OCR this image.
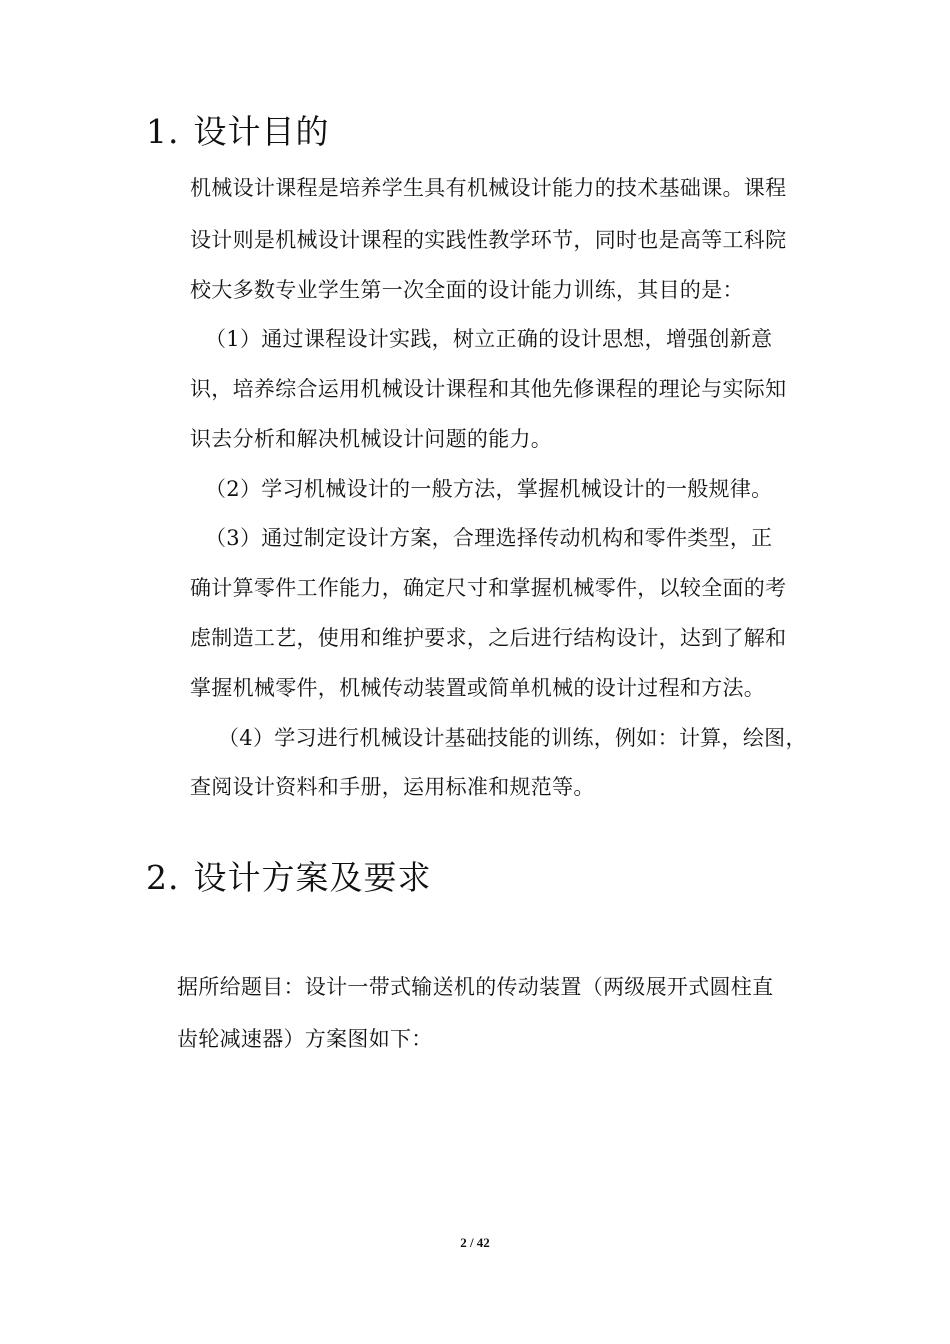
1. 设计目的

机械设计课程是培养学生具有机械设计能力的技术基础课。课程

设计则是机械设计课程的实践性教学环节，同时也是高等工科院

校大多数专业学生第一次全面的设计能力训练，其目的是：

（1）通过课程设计实践，树立正确的设计思想，增强创新意

识，培养综合运用机械设计课程和其他先修课程的理论与实际知

识去分析和解决机械设计问题的能力。

（2）学习机械设计的一般方法，掌握机械设计的一般规律。

（3）通过制定设计方案，合理选择传动机构和零件类型，正

确计算零件工作能力，确定尺寸和掌握机械零件，以较全面的考

虑制造工艺，使用和维护要求，之后进行结构设计，达到了解和

掌握机械零件，机械传动装置或简单机械的设计过程和方法。

（4）学习进行机械设计基础技能的训练，例如：计算，绘图，

查阅设计资料和手册，运用标准和规范等。

2. 设计方案及要求

据所给题目：设计一带式输送机的传动装置（两级展开式圆柱直

齿轮减速器）方案图如下：

2 / 42
